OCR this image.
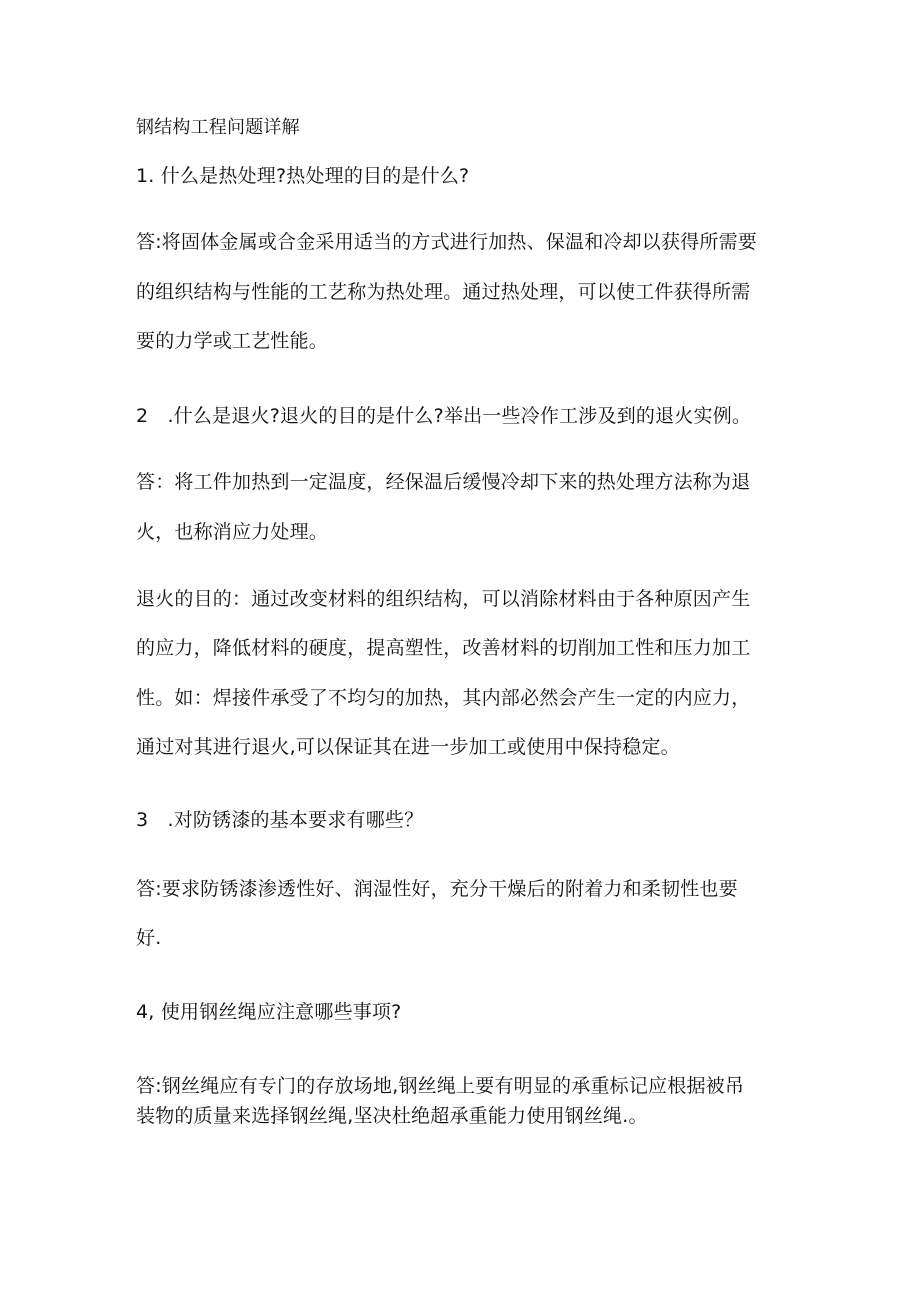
钢结构工程问题详解
1. 什么是热处理?热处理的目的是什么?
答:将固体金属或合金采用适当的方式进行加热、保温和冷却以获得所需要
的组织结构与性能的工艺称为热处理。通过热处理，可以使工件获得所需
要的力学或工艺性能。
2　.什么是退火?退火的目的是什么?举出一些冷作工涉及到的退火实例。
答：将工件加热到一定温度，经保温后缓慢冷却下来的热处理方法称为退
火，也称消应力处理。
退火的目的：通过改变材料的组织结构，可以消除材料由于各种原因产生
的应力，降低材料的硬度，提高塑性，改善材料的切削加工性和压力加工
性。如：焊接件承受了不均匀的加热，其内部必然会产生一定的内应力，
通过对其进行退火,可以保证其在进一步加工或使用中保持稳定。
3　.对防锈漆的基本要求有哪些？
答:要求防锈漆渗透性好、润湿性好，充分干燥后的附着力和柔韧性也要
好.
4, 使用钢丝绳应注意哪些事项?
答:钢丝绳应有专门的存放场地,钢丝绳上要有明显的承重标记应根据被吊
装物的质量来选择钢丝绳,坚决杜绝超承重能力使用钢丝绳.。
